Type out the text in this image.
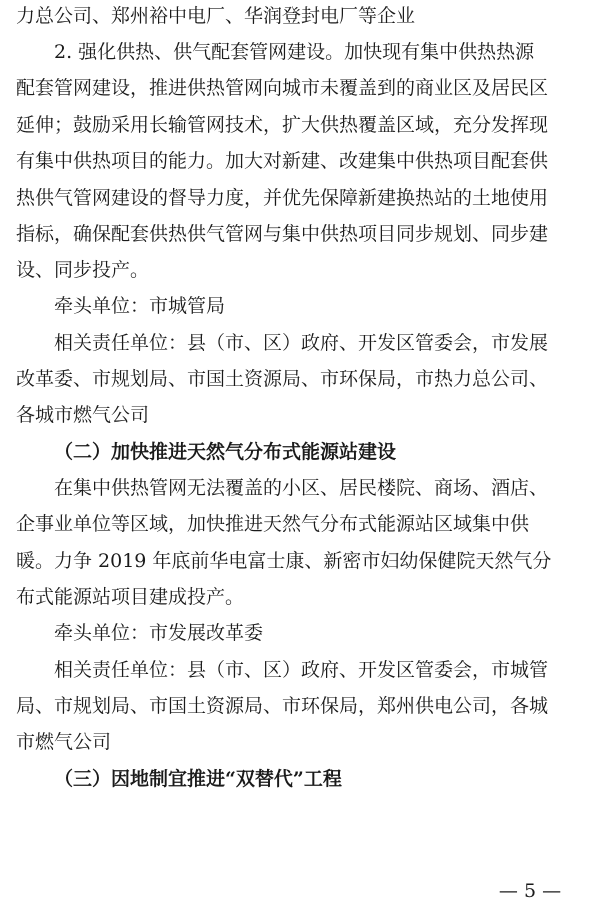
力总公司、郑州裕中电厂、华润登封电厂等企业
2. 强化供热、供气配套管网建设。加快现有集中供热热源
配套管网建设，推进供热管网向城市未覆盖到的商业区及居民区
延伸；鼓励采用长输管网技术，扩大供热覆盖区域，充分发挥现
有集中供热项目的能力。加大对新建、改建集中供热项目配套供
热供气管网建设的督导力度，并优先保障新建换热站的土地使用
指标，确保配套供热供气管网与集中供热项目同步规划、同步建
设、同步投产。
牵头单位：市城管局
相关责任单位：县（市、区）政府、开发区管委会，市发展
改革委、市规划局、市国土资源局、市环保局，市热力总公司、
各城市燃气公司
（二）加快推进天然气分布式能源站建设
在集中供热管网无法覆盖的小区、居民楼院、商场、酒店、
企事业单位等区域，加快推进天然气分布式能源站区域集中供
暖。力争 2019 年底前华电富士康、新密市妇幼保健院天然气分
布式能源站项目建成投产。
牵头单位：市发展改革委
相关责任单位：县（市、区）政府、开发区管委会，市城管
局、市规划局、市国土资源局、市环保局，郑州供电公司，各城
市燃气公司
（三）因地制宜推进“双替代”工程
— 5 —
